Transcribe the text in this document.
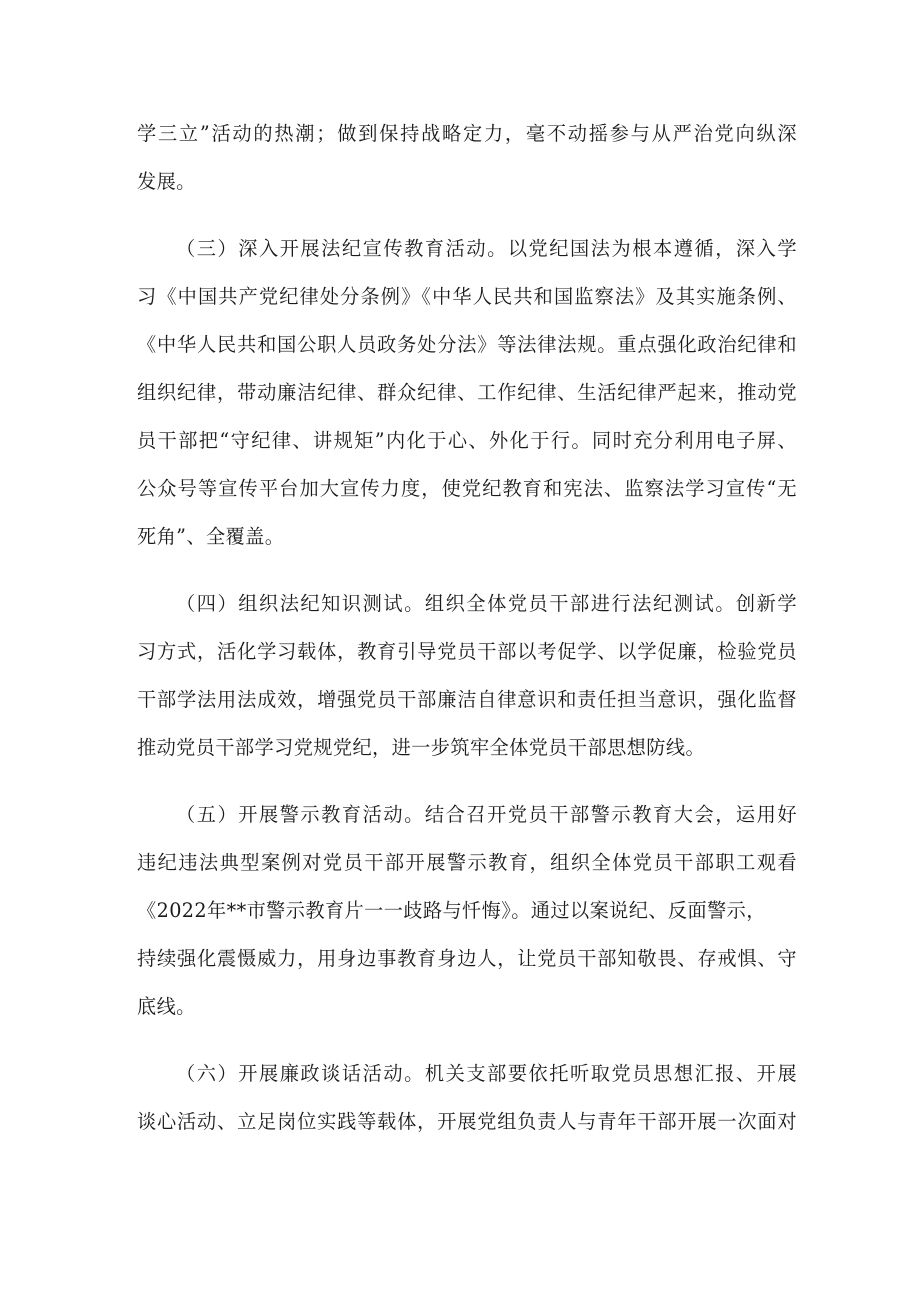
学三立”活动的热潮；做到保持战略定力，毫不动摇参与从严治党向纵深
发展。
（三）深入开展法纪宣传教育活动。以党纪国法为根本遵循，深入学
习《中国共产党纪律处分条例》《中华人民共和国监察法》及其实施条例、
《中华人民共和国公职人员政务处分法》等法律法规。重点强化政治纪律和
组织纪律，带动廉洁纪律、群众纪律、工作纪律、生活纪律严起来，推动党
员干部把“守纪律、讲规矩”内化于心、外化于行。同时充分利用电子屏、
公众号等宣传平台加大宣传力度，使党纪教育和宪法、监察法学习宣传“无
死角”、全覆盖。
（四）组织法纪知识测试。组织全体党员干部进行法纪测试。创新学
习方式，活化学习载体，教育引导党员干部以考促学、以学促廉，检验党员
干部学法用法成效，增强党员干部廉洁自律意识和责任担当意识，强化监督
推动党员干部学习党规党纪，进一步筑牢全体党员干部思想防线。
（五）开展警示教育活动。结合召开党员干部警示教育大会，运用好
违纪违法典型案例对党员干部开展警示教育，组织全体党员干部职工观看
《2022年**市警示教育片一一歧路与忏悔》。通过以案说纪、反面警示，
持续强化震慑威力，用身边事教育身边人，让党员干部知敬畏、存戒惧、守
底线。
（六）开展廉政谈话活动。机关支部要依托听取党员思想汇报、开展
谈心活动、立足岗位实践等载体，开展党组负责人与青年干部开展一次面对
